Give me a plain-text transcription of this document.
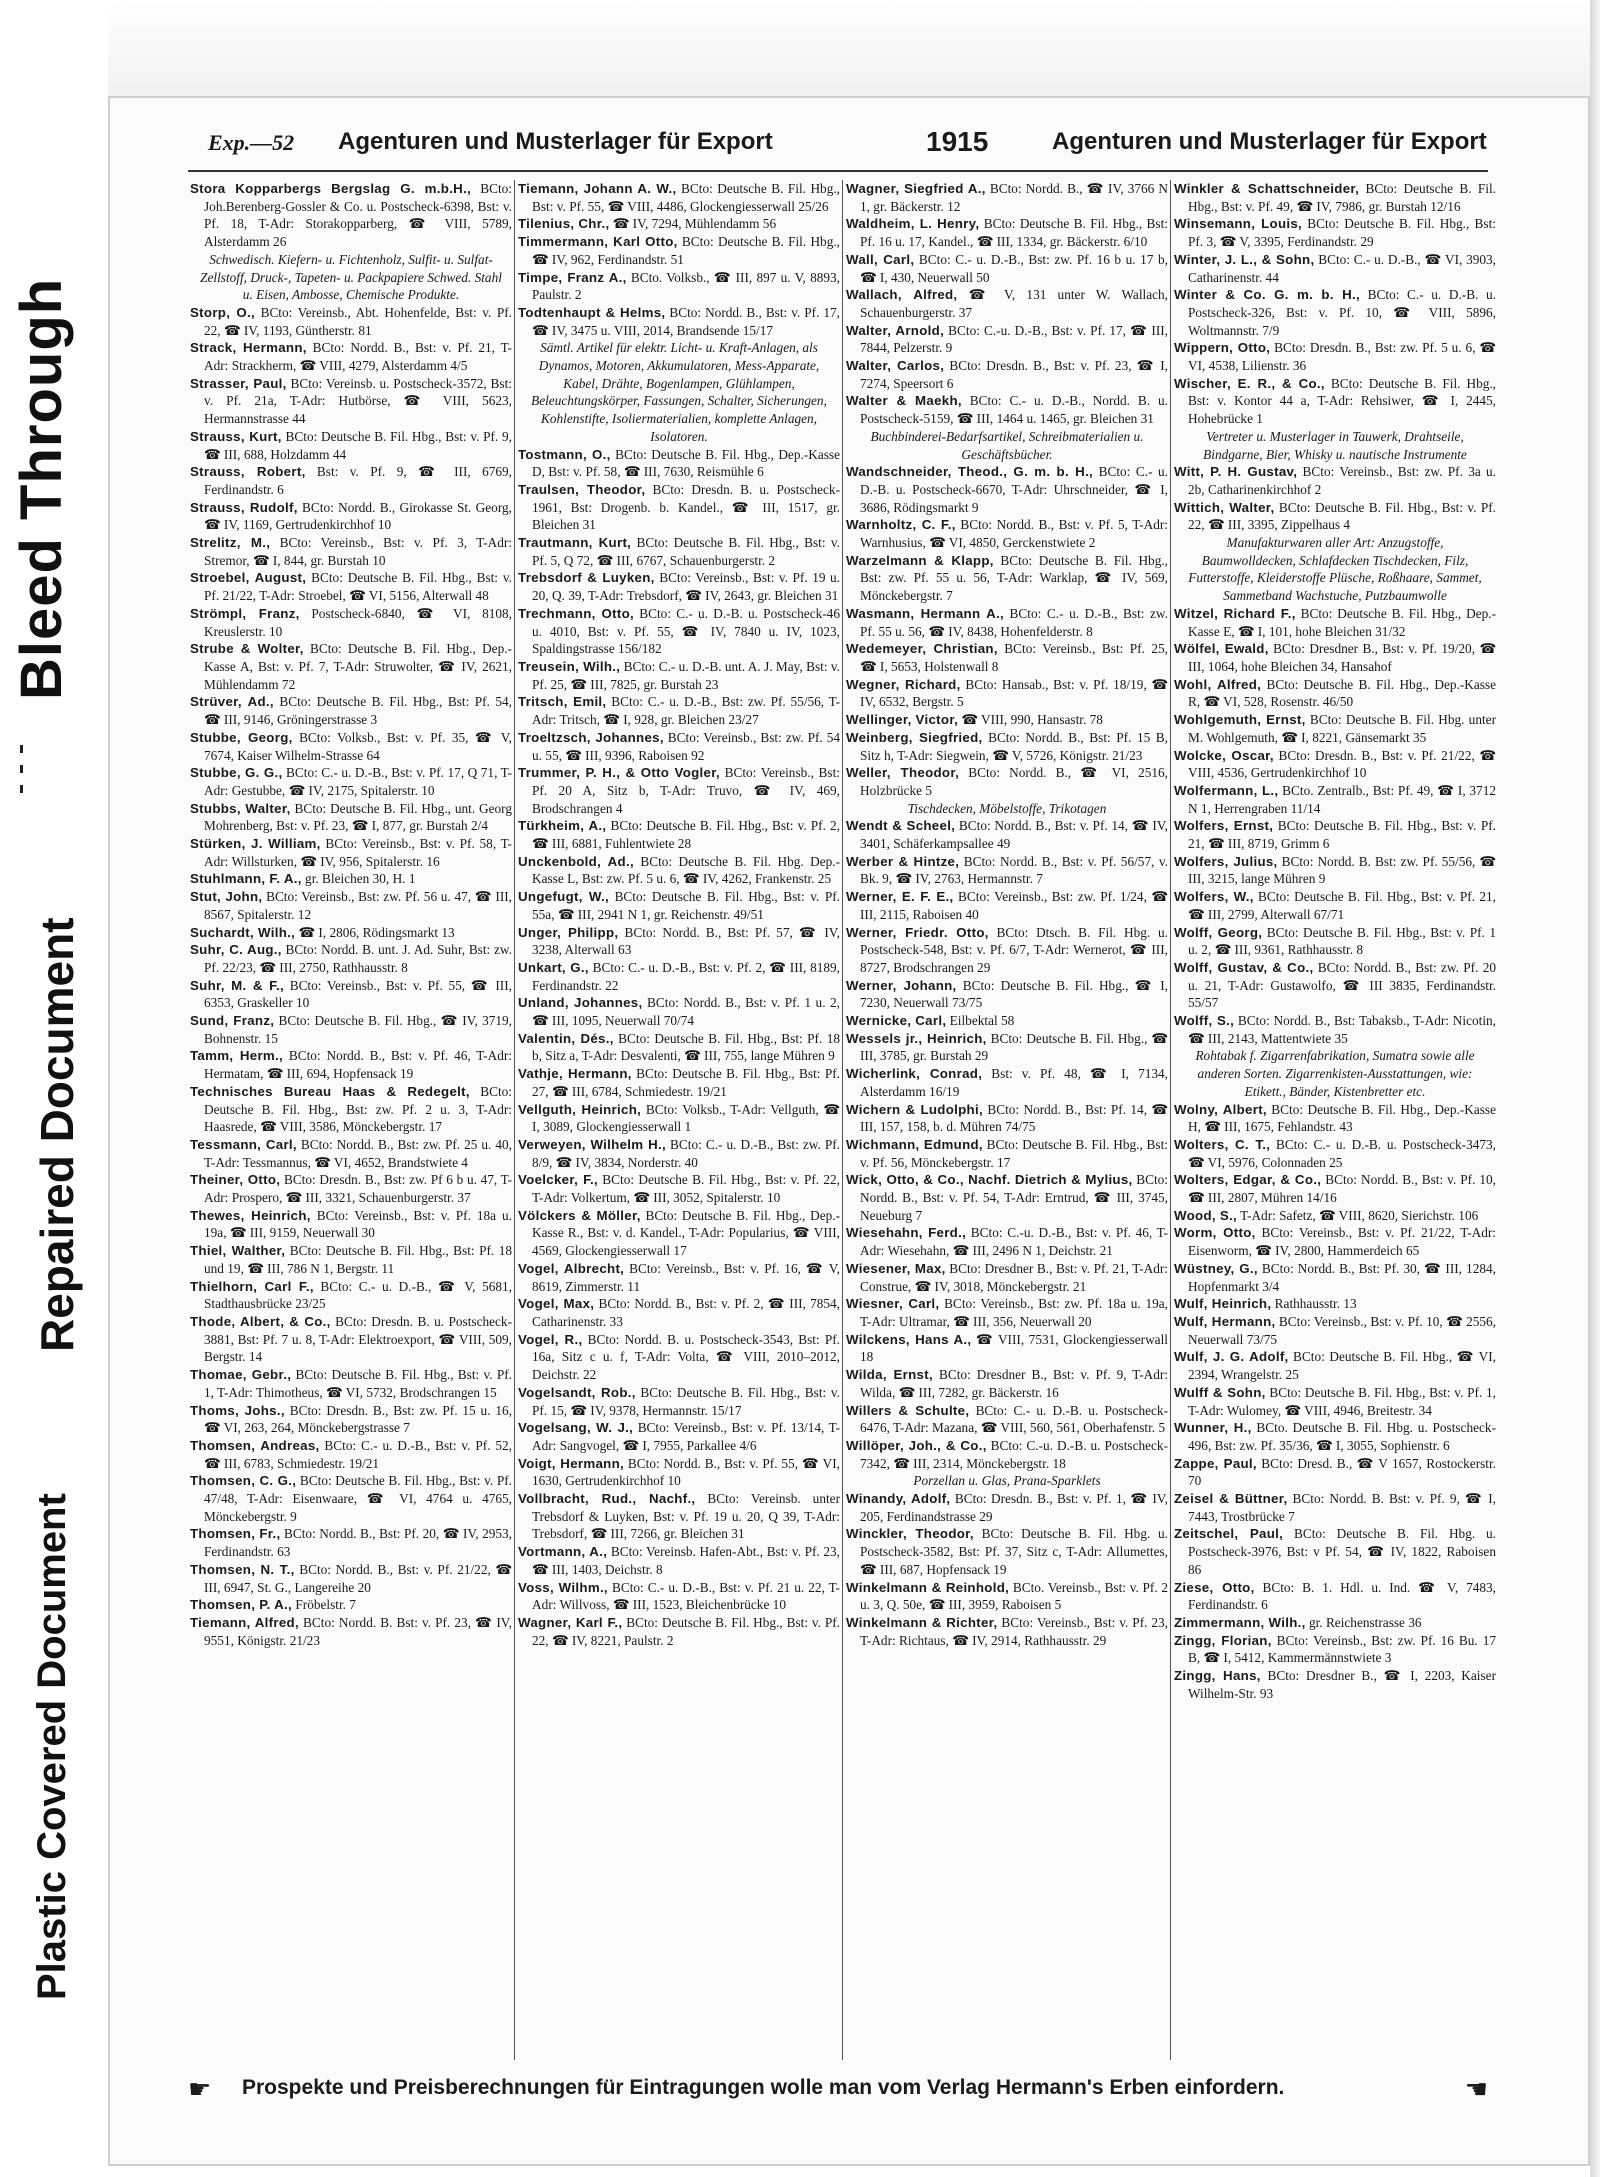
Bleed Through
Repaired Document
Plastic Covered Document
Exp.—52 Agenturen und Musterlager für Export	1915	Agenturen und Musterlager für Export
Stora Kopparbergs Bergslag G. m.b.H., BCto: Joh.Berenberg-Gossler & Co. u. Postscheck-6398, Bst: v. Pf. 18, T-Adr: Storakopparberg, ☎ VIII, 5789, Alsterdamm 26
Schwedisch. Kiefern- u. Fichtenholz, Sulfit- u. Sulfat-Zellstoff, Druck-, Tapeten- u. Packpapiere Schwed. Stahl u. Eisen, Ambosse, Chemische Produkte.
Storp, O., BCto: Vereinsb., Abt. Hohenfelde, Bst: v. Pf. 22, ☎ IV, 1193, Güntherstr. 81
Strack, Hermann, BCto: Nordd. B., Bst: v. Pf. 21, T-Adr: Strackherm, ☎ VIII, 4279, Alsterdamm 4/5
Strasser, Paul, BCto: Vereinsb. u. Postscheck-3572, Bst: v. Pf. 21a, T-Adr: Hutbörse, ☎ VIII, 5623, Hermannstrasse 44
Strauss, Kurt, BCto: Deutsche B. Fil. Hbg., Bst: v. Pf. 9, ☎ III, 688, Holzdamm 44
Strauss, Robert, Bst: v. Pf. 9, ☎ III, 6769, Ferdinandstr. 6
Strauss, Rudolf, BCto: Nordd. B., Girokasse St. Georg, ☎ IV, 1169, Gertrudenkirchhof 10
Strelitz, M., BCto: Vereinsb., Bst: v. Pf. 3, T-Adr: Stremor, ☎ I, 844, gr. Burstah 10
Stroebel, August, BCto: Deutsche B. Fil. Hbg., Bst: v. Pf. 21/22, T-Adr: Stroebel, ☎ VI, 5156, Alterwall 48
Strömpl, Franz, Postscheck-6840, ☎ VI, 8108, Kreuslerstr. 10
Strube & Wolter, BCto: Deutsche B. Fil. Hbg., Dep.-Kasse A, Bst: v. Pf. 7, T-Adr: Struwolter, ☎ IV, 2621, Mühlendamm 72
Strüver, Ad., BCto: Deutsche B. Fil. Hbg., Bst: Pf. 54, ☎ III, 9146, Gröningerstrasse 3
Stubbe, Georg, BCto: Volksb., Bst: v. Pf. 35, ☎ V, 7674, Kaiser Wilhelm-Strasse 64
Stubbe, G. G., BCto: C.- u. D.-B., Bst: v. Pf. 17, Q 71, T-Adr: Gestubbe, ☎ IV, 2175, Spitalerstr. 10
Stubbs, Walter, BCto: Deutsche B. Fil. Hbg., unt. Georg Mohrenberg, Bst: v. Pf. 23, ☎ I, 877, gr. Burstah 2/4
Stürken, J. William, BCto: Vereinsb., Bst: v. Pf. 58, T-Adr: Willsturken, ☎ IV, 956, Spitalerstr. 16
Stuhlmann, F. A., gr. Bleichen 30, H. 1
Stut, John, BCto: Vereinsb., Bst: zw. Pf. 56 u. 47, ☎ III, 8567, Spitalerstr. 12
Suchardt, Wilh., ☎ I, 2806, Rödingsmarkt 13
Suhr, C. Aug., BCto: Nordd. B. unt. J. Ad. Suhr, Bst: zw. Pf. 22/23, ☎ III, 2750, Rathhausstr. 8
Suhr, M. & F., BCto: Vereinsb., Bst: v. Pf. 55, ☎ III, 6353, Graskeller 10
Sund, Franz, BCto: Deutsche B. Fil. Hbg., ☎ IV, 3719, Bohnenstr. 15
Tamm, Herm., BCto: Nordd. B., Bst: v. Pf. 46, T-Adr: Hermatam, ☎ III, 694, Hopfensack 19
Technisches Bureau Haas & Redegelt, BCto: Deutsche B. Fil. Hbg., Bst: zw. Pf. 2 u. 3, T-Adr: Haasrede, ☎ VIII, 3586, Mönckebergstr. 17
Tessmann, Carl, BCto: Nordd. B., Bst: zw. Pf. 25 u. 40, T-Adr: Tessmannus, ☎ VI, 4652, Brandstwiete 4
Theiner, Otto, BCto: Dresdn. B., Bst: zw. Pf 6 b u. 47, T-Adr: Prospero, ☎ III, 3321, Schauenburgerstr. 37
Thewes, Heinrich, BCto: Vereinsb., Bst: v. Pf. 18a u. 19a, ☎ III, 9159, Neuerwall 30
Thiel, Walther, BCto: Deutsche B. Fil. Hbg., Bst: Pf. 18 und 19, ☎ III, 786 N 1, Bergstr. 11
Thielhorn, Carl F., BCto: C.- u. D.-B., ☎ V, 5681, Stadthausbrücke 23/25
Thode, Albert, & Co., BCto: Dresdn. B. u. Postscheck-3881, Bst: Pf. 7 u. 8, T-Adr: Elektroexport, ☎ VIII, 509, Bergstr. 14
Thomae, Gebr., BCto: Deutsche B. Fil. Hbg., Bst: v. Pf. 1, T-Adr: Thimotheus, ☎ VI, 5732, Brodschrangen 15
Thoms, Johs., BCto: Dresdn. B., Bst: zw. Pf. 15 u. 16, ☎ VI, 263, 264, Mönckebergstrasse 7
Thomsen, Andreas, BCto: C.- u. D.-B., Bst: v. Pf. 52, ☎ III, 6783, Schmiedestr. 19/21
Thomsen, C. G., BCto: Deutsche B. Fil. Hbg., Bst: v. Pf. 47/48, T-Adr: Eisenwaare, ☎ VI, 4764 u. 4765, Mönckebergstr. 9
Thomsen, Fr., BCto: Nordd. B., Bst: Pf. 20, ☎ IV, 2953, Ferdinandstr. 63
Thomsen, N. T., BCto: Nordd. B., Bst: v. Pf. 21/22, ☎ III, 6947, St. G., Langereihe 20
Thomsen, P. A., Fröbelstr. 7
Tiemann, Alfred, BCto: Nordd. B. Bst: v. Pf. 23, ☎ IV, 9551, Königstr. 21/23
Tiemann, Johann A. W., BCto: Deutsche B. Fil. Hbg., Bst: v. Pf. 55, ☎ VIII, 4486, Glockengiesserwall 25/26
Tilenius, Chr., ☎ IV, 7294, Mühlendamm 56
Timmermann, Karl Otto, BCto: Deutsche B. Fil. Hbg., ☎ IV, 962, Ferdinandstr. 51
Timpe, Franz A., BCto. Volksb., ☎ III, 897 u. V, 8893, Paulstr. 2
Todtenhaupt & Helms, BCto: Nordd. B., Bst: v. Pf. 17, ☎ IV, 3475 u. VIII, 2014, Brandsende 15/17
Sämtl. Artikel für elektr. Licht- u. Kraft-Anlagen, als Dynamos, Motoren, Akkumulatoren, Mess-Apparate, Kabel, Drähte, Bogenlampen, Glühlampen, Beleuchtungskörper, Fassungen, Schalter, Sicherungen, Kohlenstifte, Isoliermaterialien, komplette Anlagen, Isolatoren.
Tostmann, O., BCto: Deutsche B. Fil. Hbg., Dep.-Kasse D, Bst: v. Pf. 58, ☎ III, 7630, Reismühle 6
Traulsen, Theodor, BCto: Dresdn. B. u. Postscheck-1961, Bst: Drogenb. b. Kandel., ☎ III, 1517, gr. Bleichen 31
Trautmann, Kurt, BCto: Deutsche B. Fil. Hbg., Bst: v. Pf. 5, Q 72, ☎ III, 6767, Schauenburgerstr. 2
Trebsdorf & Luyken, BCto: Vereinsb., Bst: v. Pf. 19 u. 20, Q. 39, T-Adr: Trebsdorf, ☎ IV, 2643, gr. Bleichen 31
Trechmann, Otto, BCto: C.- u. D.-B. u. Postscheck-46 u. 4010, Bst: v. Pf. 55, ☎ IV, 7840 u. IV, 1023, Spaldingstrasse 156/182
Treusein, Wilh., BCto: C.- u. D.-B. unt. A. J. May, Bst: v. Pf. 25, ☎ III, 7825, gr. Burstah 23
Tritsch, Emil, BCto: C.- u. D.-B., Bst: zw. Pf. 55/56, T-Adr: Tritsch, ☎ I, 928, gr. Bleichen 23/27
Troeltzsch, Johannes, BCto: Vereinsb., Bst: zw. Pf. 54 u. 55, ☎ III, 9396, Raboisen 92
Trummer, P. H., & Otto Vogler, BCto: Vereinsb., Bst: Pf. 20 A, Sitz b, T-Adr: Truvo, ☎ IV, 469, Brodschrangen 4
Türkheim, A., BCto: Deutsche B. Fil. Hbg., Bst: v. Pf. 2, ☎ III, 6881, Fuhlentwiete 28
Unckenbold, Ad., BCto: Deutsche B. Fil. Hbg. Dep.-Kasse L, Bst: zw. Pf. 5 u. 6, ☎ IV, 4262, Frankenstr. 25
Ungefugt, W., BCto: Deutsche B. Fil. Hbg., Bst: v. Pf. 55a, ☎ III, 2941 N 1, gr. Reichenstr. 49/51
Unger, Philipp, BCto: Nordd. B., Bst: Pf. 57, ☎ IV, 3238, Alterwall 63
Unkart, G., BCto: C.- u. D.-B., Bst: v. Pf. 2, ☎ III, 8189, Ferdinandstr. 22
Unland, Johannes, BCto: Nordd. B., Bst: v. Pf. 1 u. 2, ☎ III, 1095, Neuerwall 70/74
Valentin, Dés., BCto: Deutsche B. Fil. Hbg., Bst: Pf. 18 b, Sitz a, T-Adr: Desvalenti, ☎ III, 755, lange Mühren 9
Vathje, Hermann, BCto: Deutsche B. Fil. Hbg., Bst: Pf. 27, ☎ III, 6784, Schmiedestr. 19/21
Vellguth, Heinrich, BCto: Volksb., T-Adr: Vellguth, ☎ I, 3089, Glockengiesserwall 1
Verweyen, Wilhelm H., BCto: C.- u. D.-B., Bst: zw. Pf. 8/9, ☎ IV, 3834, Norderstr. 40
Voelcker, F., BCto: Deutsche B. Fil. Hbg., Bst: v. Pf. 22, T-Adr: Volkertum, ☎ III, 3052, Spitalerstr. 10
Völckers & Möller, BCto: Deutsche B. Fil. Hbg., Dep.-Kasse R., Bst: v. d. Kandel., T-Adr: Popularius, ☎ VIII, 4569, Glockengiesserwall 17
Vogel, Albrecht, BCto: Vereinsb., Bst: v. Pf. 16, ☎ V, 8619, Zimmerstr. 11
Vogel, Max, BCto: Nordd. B., Bst: v. Pf. 2, ☎ III, 7854, Catharinenstr. 33
Vogel, R., BCto: Nordd. B. u. Postscheck-3543, Bst: Pf. 16a, Sitz c u. f, T-Adr: Volta, ☎ VIII, 2010–2012, Deichstr. 22
Vogelsandt, Rob., BCto: Deutsche B. Fil. Hbg., Bst: v. Pf. 15, ☎ IV, 9378, Hermannstr. 15/17
Vogelsang, W. J., BCto: Vereinsb., Bst: v. Pf. 13/14, T-Adr: Sangvogel, ☎ I, 7955, Parkallee 4/6
Voigt, Hermann, BCto: Nordd. B., Bst: v. Pf. 55, ☎ VI, 1630, Gertrudenkirchhof 10
Vollbracht, Rud., Nachf., BCto: Vereinsb. unter Trebsdorf & Luyken, Bst: v. Pf. 19 u. 20, Q 39, T-Adr: Trebsdorf, ☎ III, 7266, gr. Bleichen 31
Vortmann, A., BCto: Vereinsb. Hafen-Abt., Bst: v. Pf. 23, ☎ III, 1403, Deichstr. 8
Voss, Wilhm., BCto: C.- u. D.-B., Bst: v. Pf. 21 u. 22, T-Adr: Willvoss, ☎ III, 1523, Bleichenbrücke 10
Wagner, Karl F., BCto: Deutsche B. Fil. Hbg., Bst: v. Pf. 22, ☎ IV, 8221, Paulstr. 2
Wagner, Siegfried A., BCto: Nordd. B., ☎ IV, 3766 N 1, gr. Bäckerstr. 12
Waldheim, L. Henry, BCto: Deutsche B. Fil. Hbg., Bst: Pf. 16 u. 17, Kandel., ☎ III, 1334, gr. Bäckerstr. 6/10
Wall, Carl, BCto: C.- u. D.-B., Bst: zw. Pf. 16 b u. 17 b, ☎ I, 430, Neuerwall 50
Wallach, Alfred, ☎ V, 131 unter W. Wallach, Schauenburgerstr. 37
Walter, Arnold, BCto: C.-u. D.-B., Bst: v. Pf. 17, ☎ III, 7844, Pelzerstr. 9
Walter, Carlos, BCto: Dresdn. B., Bst: v. Pf. 23, ☎ I, 7274, Speersort 6
Walter & Maekh, BCto: C.- u. D.-B., Nordd. B. u. Postscheck-5159, ☎ III, 1464 u. 1465, gr. Bleichen 31
Buchbinderei-Bedarfsartikel, Schreibmaterialien u. Geschäftsbücher.
Wandschneider, Theod., G. m. b. H., BCto: C.- u. D.-B. u. Postscheck-6670, T-Adr: Uhrschneider, ☎ I, 3686, Rödingsmarkt 9
Warnholtz, C. F., BCto: Nordd. B., Bst: v. Pf. 5, T-Adr: Warnhusius, ☎ VI, 4850, Gerckenstwiete 2
Warzelmann & Klapp, BCto: Deutsche B. Fil. Hbg., Bst: zw. Pf. 55 u. 56, T-Adr: Warklap, ☎ IV, 569, Mönckebergstr. 7
Wasmann, Hermann A., BCto: C.- u. D.-B., Bst: zw. Pf. 55 u. 56, ☎ IV, 8438, Hohenfelderstr. 8
Wedemeyer, Christian, BCto: Vereinsb., Bst: Pf. 25, ☎ I, 5653, Holstenwall 8
Wegner, Richard, BCto: Hansab., Bst: v. Pf. 18/19, ☎ IV, 6532, Bergstr. 5
Wellinger, Victor, ☎ VIII, 990, Hansastr. 78
Weinberg, Siegfried, BCto: Nordd. B., Bst: Pf. 15 B, Sitz h, T-Adr: Siegwein, ☎ V, 5726, Königstr. 21/23
Weller, Theodor, BCto: Nordd. B., ☎ VI, 2516, Holzbrücke 5
Tischdecken, Möbelstoffe, Trikotagen
Wendt & Scheel, BCto: Nordd. B., Bst: v. Pf. 14, ☎ IV, 3401, Schäferkampsallee 49
Werber & Hintze, BCto: Nordd. B., Bst: v. Pf. 56/57, v. Bk. 9, ☎ IV, 2763, Hermannstr. 7
Werner, E. F. E., BCto: Vereinsb., Bst: zw. Pf. 1/24, ☎ III, 2115, Raboisen 40
Werner, Friedr. Otto, BCto: Dtsch. B. Fil. Hbg. u. Postscheck-548, Bst: v. Pf. 6/7, T-Adr: Wernerot, ☎ III, 8727, Brodschrangen 29
Werner, Johann, BCto: Deutsche B. Fil. Hbg., ☎ I, 7230, Neuerwall 73/75
Wernicke, Carl, Eilbektal 58
Wessels jr., Heinrich, BCto: Deutsche B. Fil. Hbg., ☎ III, 3785, gr. Burstah 29
Wicherlink, Conrad, Bst: v. Pf. 48, ☎ I, 7134, Alsterdamm 16/19
Wichern & Ludolphi, BCto: Nordd. B., Bst: Pf. 14, ☎ III, 157, 158, b. d. Mühren 74/75
Wichmann, Edmund, BCto: Deutsche B. Fil. Hbg., Bst: v. Pf. 56, Mönckebergstr. 17
Wick, Otto, & Co., Nachf. Dietrich & Mylius, BCto: Nordd. B., Bst: v. Pf. 54, T-Adr: Erntrud, ☎ III, 3745, Neueburg 7
Wiesehahn, Ferd., BCto: C.-u. D.-B., Bst: v. Pf. 46, T-Adr: Wiesehahn, ☎ III, 2496 N 1, Deichstr. 21
Wiesener, Max, BCto: Dresdner B., Bst: v. Pf. 21, T-Adr: Construe, ☎ IV, 3018, Mönckebergstr. 21
Wiesner, Carl, BCto: Vereinsb., Bst: zw. Pf. 18a u. 19a, T-Adr: Ultramar, ☎ III, 356, Neuerwall 20
Wilckens, Hans A., ☎ VIII, 7531, Glockengiesserwall 18
Wilda, Ernst, BCto: Dresdner B., Bst: v. Pf. 9, T-Adr: Wilda, ☎ III, 7282, gr. Bäckerstr. 16
Willers & Schulte, BCto: C.- u. D.-B. u. Postscheck-6476, T-Adr: Mazana, ☎ VIII, 560, 561, Oberhafenstr. 5
Willöper, Joh., & Co., BCto: C.-u. D.-B. u. Postscheck-7342, ☎ III, 2314, Mönckebergstr. 18
Porzellan u. Glas, Prana-Sparklets
Winandy, Adolf, BCto: Dresdn. B., Bst: v. Pf. 1, ☎ IV, 205, Ferdinandstrasse 29
Winckler, Theodor, BCto: Deutsche B. Fil. Hbg. u. Postscheck-3582, Bst: Pf. 37, Sitz c, T-Adr: Allumettes, ☎ III, 687, Hopfensack 19
Winkelmann & Reinhold, BCto. Vereinsb., Bst: v. Pf. 2 u. 3, Q. 50e, ☎ III, 3959, Raboisen 5
Winkelmann & Richter, BCto: Vereinsb., Bst: v. Pf. 23, T-Adr: Richtaus, ☎ IV, 2914, Rathhausstr. 29
Winkler & Schattschneider, BCto: Deutsche B. Fil. Hbg., Bst: v. Pf. 49, ☎ IV, 7986, gr. Burstah 12/16
Winsemann, Louis, BCto: Deutsche B. Fil. Hbg., Bst: Pf. 3, ☎ V, 3395, Ferdinandstr. 29
Winter, J. L., & Sohn, BCto: C.- u. D.-B., ☎ VI, 3903, Catharinenstr. 44
Winter & Co. G. m. b. H., BCto: C.- u. D.-B. u. Postscheck-326, Bst: v. Pf. 10, ☎ VIII, 5896, Woltmannstr. 7/9
Wippern, Otto, BCto: Dresdn. B., Bst: zw. Pf. 5 u. 6, ☎ VI, 4538, Lilienstr. 36
Wischer, E. R., & Co., BCto: Deutsche B. Fil. Hbg., Bst: v. Kontor 44 a, T-Adr: Rehsiwer, ☎ I, 2445, Hohebrücke 1
Vertreter u. Musterlager in Tauwerk, Drahtseile, Bindgarne, Bier, Whisky u. nautische Instrumente
Witt, P. H. Gustav, BCto: Vereinsb., Bst: zw. Pf. 3a u. 2b, Catharinenkirchhof 2
Wittich, Walter, BCto: Deutsche B. Fil. Hbg., Bst: v. Pf. 22, ☎ III, 3395, Zippelhaus 4
Manufakturwaren aller Art: Anzugstoffe, Baumwolldecken, Schlafdecken Tischdecken, Filz, Futterstoffe, Kleiderstoffe Plüsche, Roßhaare, Sammet, Sammetband Wachstuche, Putzbaumwolle
Witzel, Richard F., BCto: Deutsche B. Fil. Hbg., Dep.-Kasse E, ☎ I, 101, hohe Bleichen 31/32
Wölfel, Ewald, BCto: Dresdner B., Bst: v. Pf. 19/20, ☎ III, 1064, hohe Bleichen 34, Hansahof
Wohl, Alfred, BCto: Deutsche B. Fil. Hbg., Dep.-Kasse R, ☎ VI, 528, Rosenstr. 46/50
Wohlgemuth, Ernst, BCto: Deutsche B. Fil. Hbg. unter M. Wohlgemuth, ☎ I, 8221, Gänsemarkt 35
Wolcke, Oscar, BCto: Dresdn. B., Bst: v. Pf. 21/22, ☎ VIII, 4536, Gertrudenkirchhof 10
Wolfermann, L., BCto. Zentralb., Bst: Pf. 49, ☎ I, 3712 N 1, Herrengraben 11/14
Wolfers, Ernst, BCto: Deutsche B. Fil. Hbg., Bst: v. Pf. 21, ☎ III, 8719, Grimm 6
Wolfers, Julius, BCto: Nordd. B. Bst: zw. Pf. 55/56, ☎ III, 3215, lange Mühren 9
Wolfers, W., BCto: Deutsche B. Fil. Hbg., Bst: v. Pf. 21, ☎ III, 2799, Alterwall 67/71
Wolff, Georg, BCto: Deutsche B. Fil. Hbg., Bst: v. Pf. 1 u. 2, ☎ III, 9361, Rathhausstr. 8
Wolff, Gustav, & Co., BCto: Nordd. B., Bst: zw. Pf. 20 u. 21, T-Adr: Gustawolfo, ☎ III 3835, Ferdinandstr. 55/57
Wolff, S., BCto: Nordd. B., Bst: Tabaksb., T-Adr: Nicotin, ☎ III, 2143, Mattentwiete 35
Rohtabak f. Zigarrenfabrikation, Sumatra sowie alle anderen Sorten. Zigarrenkisten-Ausstattungen, wie: Etikett., Bänder, Kistenbretter etc.
Wolny, Albert, BCto: Deutsche B. Fil. Hbg., Dep.-Kasse H, ☎ III, 1675, Fehlandstr. 43
Wolters, C. T., BCto: C.- u. D.-B. u. Postscheck-3473, ☎ VI, 5976, Colonnaden 25
Wolters, Edgar, & Co., BCto: Nordd. B., Bst: v. Pf. 10, ☎ III, 2807, Mühren 14/16
Wood, S., T-Adr: Safetz, ☎ VIII, 8620, Sierichstr. 106
Worm, Otto, BCto: Vereinsb., Bst: v. Pf. 21/22, T-Adr: Eisenworm, ☎ IV, 2800, Hammerdeich 65
Wüstney, G., BCto: Nordd. B., Bst: Pf. 30, ☎ III, 1284, Hopfenmarkt 3/4
Wulf, Heinrich, Rathhausstr. 13
Wulf, Hermann, BCto: Vereinsb., Bst: v. Pf. 10, ☎ 2556, Neuerwall 73/75
Wulf, J. G. Adolf, BCto: Deutsche B. Fil. Hbg., ☎ VI, 2394, Wrangelstr. 25
Wulff & Sohn, BCto: Deutsche B. Fil. Hbg., Bst: v. Pf. 1, T-Adr: Wulomey, ☎ VIII, 4946, Breitestr. 34
Wunner, H., BCto. Deutsche B. Fil. Hbg. u. Postscheck-496, Bst: zw. Pf. 35/36, ☎ I, 3055, Sophienstr. 6
Zappe, Paul, BCto: Dresd. B., ☎ V 1657, Rostockerstr. 70
Zeisel & Büttner, BCto: Nordd. B. Bst: v. Pf. 9, ☎ I, 7443, Trostbrücke 7
Zeitschel, Paul, BCto: Deutsche B. Fil. Hbg. u. Postscheck-3976, Bst: v Pf. 54, ☎ IV, 1822, Raboisen 86
Ziese, Otto, BCto: B. 1. Hdl. u. Ind. ☎ V, 7483, Ferdinandstr. 6
Zimmermann, Wilh., gr. Reichenstrasse 36
Zingg, Florian, BCto: Vereinsb., Bst: zw. Pf. 16 Bu. 17 B, ☎ I, 5412, Kammermännstwiete 3
Zingg, Hans, BCto: Dresdner B., ☎ I, 2203, Kaiser Wilhelm-Str. 93
☛ Prospekte und Preisberechnungen für Eintragungen wolle man vom Verlag Hermann's Erben einfordern.	☚
